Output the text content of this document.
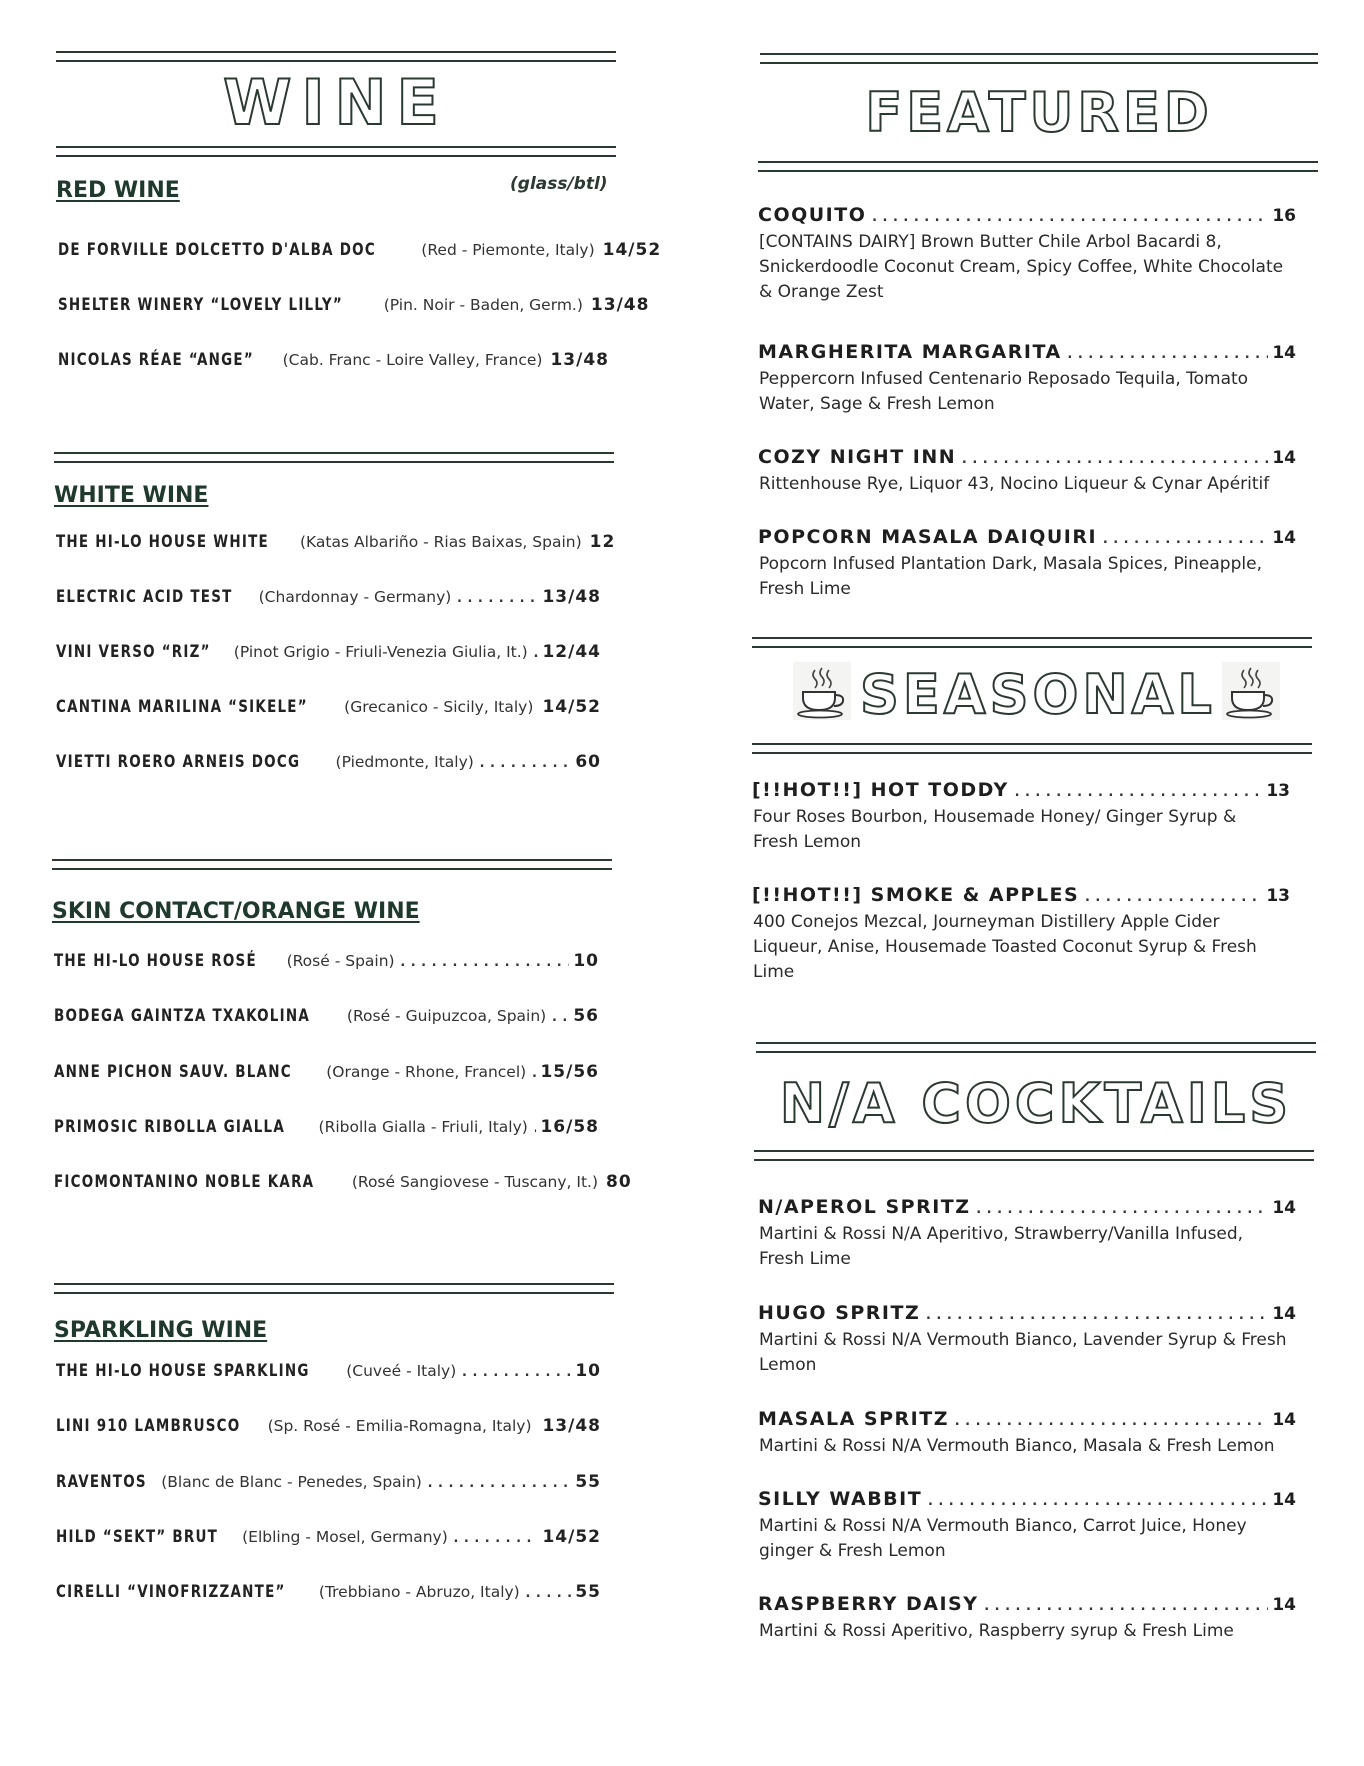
WINE
RED WINE	(glass/btl)
DE FORVILLE DOLCETTO D'ALBA DOC	(Red - Piemonte, Italy) 14/52
SHELTER WINERY “LOVELY LILLY”	(Pin. Noir - Baden, Germ.) 13/48
NICOLAS RÉAE “ANGE” (Cab. Franc - Loire Valley, France) 13/48
WHITE WINE
THE HI-LO HOUSE WHITE (Katas Albariño - Rias Baixas, Spain) 12
ELECTRIC ACID TEST (Chardonnay - Germany) .....	13/48
VINI VERSO “RIZ” (Pinot Grigio - Friuli-Venezia Giulia, It.) ..... 12/44
CANTINA MARILINA “SIKELE” (Grecanico - Sicily, Italy) ..... 14/52
VIETTI ROERO ARNEIS DOCG (Piedmonte, Italy) .....	60
SKIN CONTACT/ORANGE WINE
THE HI-LO HOUSE ROSÉ (Rosé - Spain) .....	10
BODEGA GAINTZA TXAKOLINA (Rosé - Guipuzcoa, Spain) ..... 56
ANNE PICHON SAUV. BLANC (Orange - Rhone, Francel) ..... 15/56
PRIMOSIC RIBOLLA GIALLA (Ribolla Gialla - Friuli, Italy) ..... 16/58
FICOMONTANINO NOBLE KARA (Rosé Sangiovese - Tuscany, It.) 80
SPARKLING WINE
THE HI-LO HOUSE SPARKLING (Cuveé - Italy) .....	10
LINI 910 LAMBRUSCO (Sp. Rosé - Emilia-Romagna, Italy) ..... 13/48
RAVENTOS (Blanc de Blanc - Penedes, Spain) .....	55
HILD “SEKT” BRUT (Elbling - Mosel, Germany) .....	14/52
CIRELLI “VINOFRIZZANTE” (Trebbiano - Abruzo, Italy) .....	55
FEATURED
COQUITO .....	16
[CONTAINS DAIRY] Brown Butter Chile Arbol Bacardi 8,
Snickerdoodle Coconut Cream, Spicy Coffee, White Chocolate
& Orange Zest
MARGHERITA MARGARITA .....	14
Peppercorn Infused Centenario Reposado Tequila, Tomato
Water, Sage & Fresh Lemon
COZY NIGHT INN .....	14
Rittenhouse Rye, Liquor 43, Nocino Liqueur & Cynar Apéritif
POPCORN MASALA DAIQUIRI .....	14
Popcorn Infused Plantation Dark, Masala Spices, Pineapple,
Fresh Lime
SEASONAL
[!!HOT!!] HOT TODDY .....	13
Four Roses Bourbon, Housemade Honey/ Ginger Syrup &
Fresh Lemon
[!!HOT!!] SMOKE & APPLES .....	13
400 Conejos Mezcal, Journeyman Distillery Apple Cider
Liqueur, Anise, Housemade Toasted Coconut Syrup & Fresh
Lime
N/A COCKTAILS
N/APEROL SPRITZ .....	14
Martini & Rossi N/A Aperitivo, Strawberry/Vanilla Infused,
Fresh Lime
HUGO SPRITZ .....	14
Martini & Rossi N/A Vermouth Bianco, Lavender Syrup & Fresh
Lemon
MASALA SPRITZ .....	14
Martini & Rossi N/A Vermouth Bianco, Masala & Fresh Lemon
SILLY WABBIT .....	14
Martini & Rossi N/A Vermouth Bianco, Carrot Juice, Honey
ginger & Fresh Lemon
RASPBERRY DAISY .....	14
Martini & Rossi Aperitivo, Raspberry syrup & Fresh Lime
